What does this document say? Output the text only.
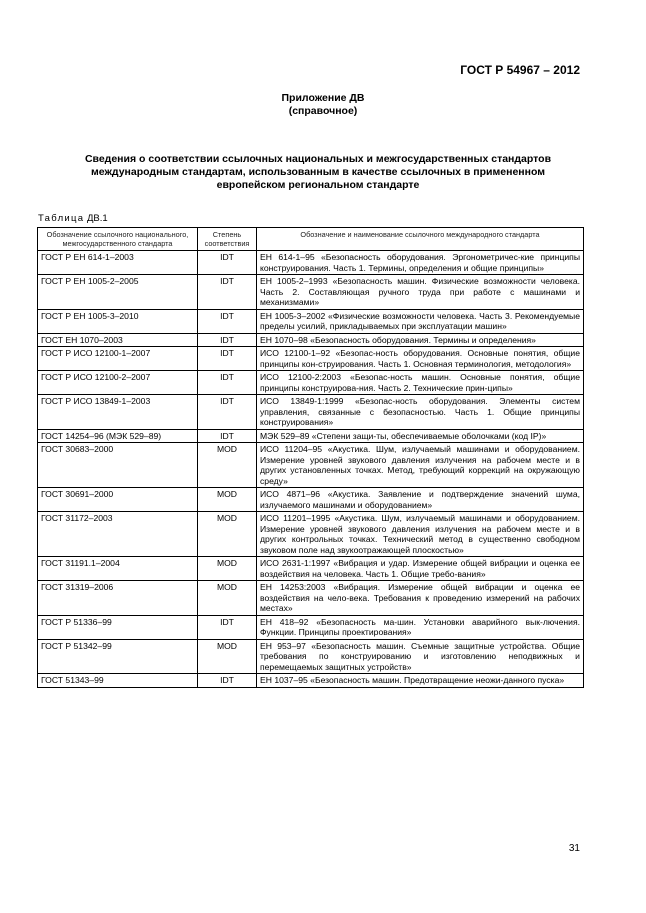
ГОСТ Р 54967 – 2012
Приложение ДВ
(справочное)
Сведения о соответствии ссылочных национальных и межгосударственных стандартов международным стандартам, использованным в качестве ссылочных в примененном европейском региональном стандарте
Таблица ДВ.1
Обозначение ссылочного национального, межгосударственного стандарта	Степень соответствия	Обозначение и наименование ссылочного международного стандарта
ГОСТ Р ЕН 614-1–2003	IDT	ЕН 614-1–95 «Безопасность оборудования. Эргонометричес-кие принципы конструирования. Часть 1. Термины, определения и общие принципы»
ГОСТ Р ЕН 1005-2–2005	IDT	ЕН 1005-2–1993 «Безопасность машин. Физические возможности человека. Часть 2. Составляющая ручного труда при работе с машинами и механизмами»
ГОСТ Р ЕН 1005-3–2010	IDT	ЕН 1005-3–2002 «Физические возможности человека. Часть 3. Рекомендуемые пределы усилий, прикладываемых при эксплуатации машин»
ГОСТ ЕН 1070–2003	IDT	ЕН 1070–98 «Безопасность оборудования. Термины и определения»
ГОСТ Р ИСО 12100-1–2007	IDT	ИСО 12100-1–92 «Безопас-ность оборудования. Основные понятия, общие принципы кон-струирования. Часть 1. Основная терминология, методология»
ГОСТ Р ИСО 12100-2–2007	IDT	ИСО 12100-2:2003 «Безопас-ность машин. Основные понятия, общие принципы конструирова-ния. Часть 2. Технические прин-ципы»
ГОСТ Р ИСО 13849-1–2003	IDT	ИСО 13849-1:1999 «Безопас-ность оборудования. Элементы систем управления, связанные с безопасностью. Часть 1. Общие принципы конструирования»
ГОСТ 14254–96 (МЭК 529–89)	IDT	МЭК 529–89 «Степени защи-ты, обеспечиваемые оболочками (код IP)»
ГОСТ 30683–2000	MOD	ИСО 11204–95 «Акустика. Шум, излучаемый машинами и оборудованием. Измерение уровней звукового давления излучения на рабочем месте и в других установленных точках. Метод, требующий коррекций на окружающую среду»
ГОСТ 30691–2000	MOD	ИСО 4871–96 «Акустика. Заявление и подтверждение значений шума, излучаемого машинами и оборудованием»
ГОСТ 31172–2003	MOD	ИСО 11201–1995 «Акустика. Шум, излучаемый машинами и оборудованием. Измерение уровней звукового давления излучения на рабочем месте и в других контрольных точках. Технический метод в существенно свободном звуковом поле над звукоотражающей плоскостью»
ГОСТ 31191.1–2004	MOD	ИСО 2631-1:1997 «Вибрация и удар. Измерение общей вибрации и оценка ее воздействия на человека. Часть 1. Общие требо-вания»
ГОСТ 31319–2006	MOD	ЕН 14253:2003 «Вибрация. Измерение общей вибрации и оценка ее воздействия на чело-века. Требования к проведению измерений на рабочих местах»
ГОСТ Р 51336–99	IDT	ЕН 418–92 «Безопасность ма-шин. Установки аварийного вык-лючения. Функции. Принципы проектирования»
ГОСТ Р 51342–99	MOD	ЕН 953–97 «Безопасность машин. Съемные защитные устройства. Общие требования по конструированию и изготовлению неподвижных и перемещаемых защитных устройств»
ГОСТ 51343–99	IDT	ЕН 1037–95 «Безопасность машин. Предотвращение неожи-данного пуска»
31
